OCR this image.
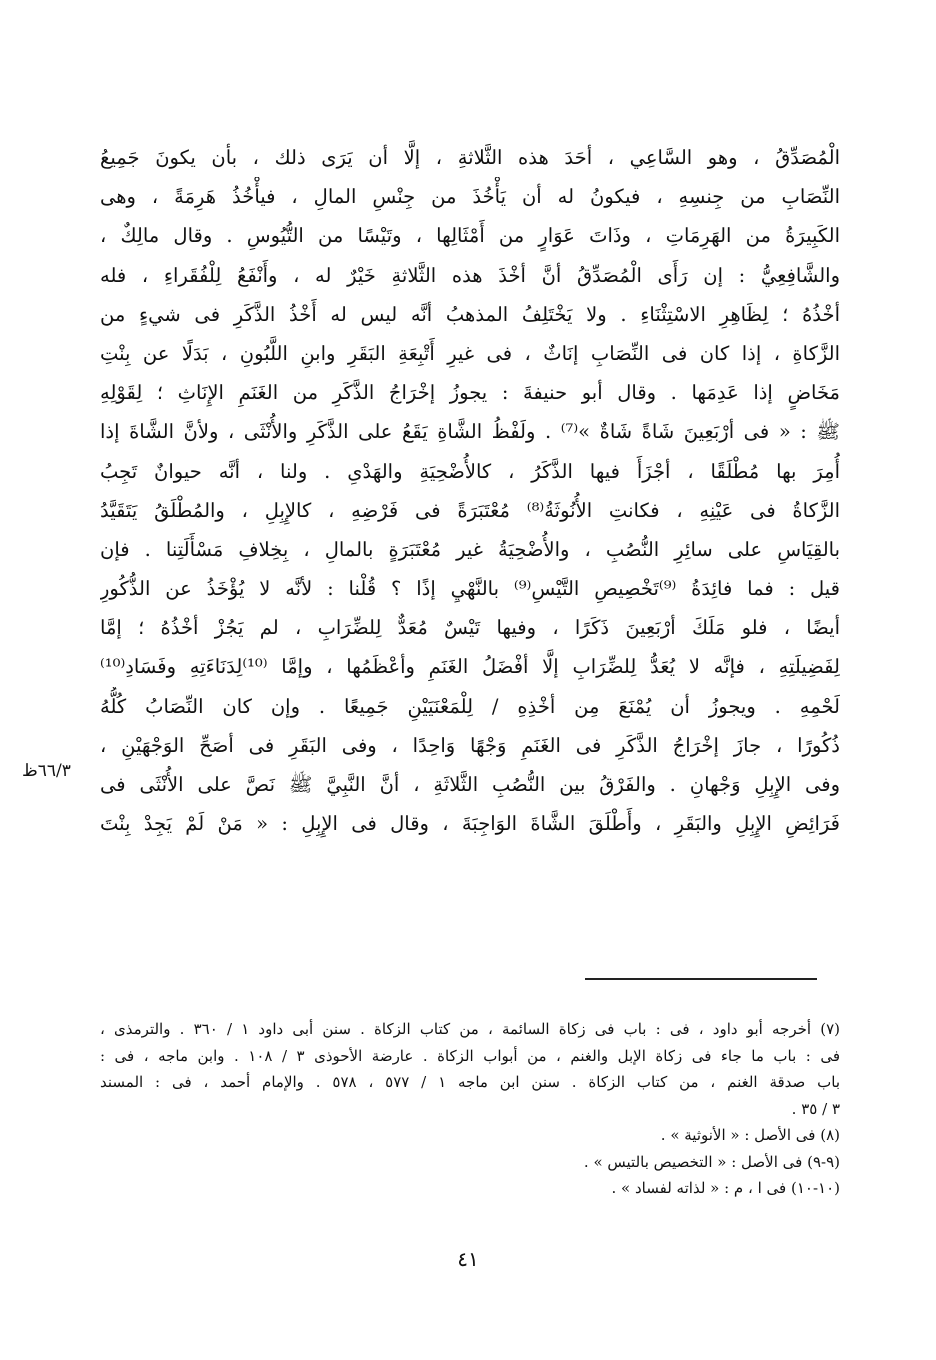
الْمُصَدِّقُ ، وهو السَّاعِي ، أحَدَ هذه الثَّلاثةِ ، إلَّا أن يَرَى ذلك ، بأن يكونَ جَمِيعُ
النِّصَابِ من جِنسِهِ ، فيكونُ له أن يَأْخُذَ من جِنْسِ المالِ ، فيأْخُذُ هَرِمَةً ، وهى
الكَبِيرَةُ من الهَرِمَاتِ ، وذَاتَ عَوَارٍ من أَمْثَالِها ، وتَيْسًا من التُّيُوسِ . وقال مالِكٌ ،
والشَّافِعِيُّ : إن رَأَى الْمُصَدِّقُ أنَّ أخْذَ هذه الثَّلاثةِ خَيْرٌ له ، وأَنْفَعُ لِلْفُقَراءِ ، فله
أخْذُهُ ؛ لِظَاهِرِ الاسْتِثْنَاءِ . ولا يَخْتَلِفُ المذهبُ أنَّه ليس له أَخْذُ الذَّكَرِ فى شيءٍ من
الزَّكاةِ ، إذا كان فى النِّصَابِ إنَاثٌ ، فى غيرِ أَتْبِعَةِ البَقَرِ وابنِ اللَّبُونِ ، بَدَلًا عن بِنْتِ
مَخَاضٍ إذا عَدِمَها . وقال أبو حنيفةَ : يجوزُ إخْرَاجُ الذَّكَرِ من الغَنَمِ الإِنَاثِ ؛ لِقَوْلِهِ
ﷺ : « فى أرْبَعِينَ شَاةً شَاةٌ »⁽⁷⁾ . ولَفْظُ الشَّاةِ يَقَعُ على الذَّكَرِ والأُنْثَى ، ولأنَّ الشَّاةَ إذا
أُمِرَ بها مُطْلَقًا ، أجْزَأَ فيها الذَّكَرُ ، كالأُضْحِيَةِ والهَدْىِ . ولنا ، أنَّه حيوانٌ تَجِبُ
الزَّكاةُ فى عَيْنِهِ ، فكانتِ الأُنُوثَةُ⁽⁸⁾ مُعْتَبَرَةً فى فَرْضِهِ ، كالإِبِلِ ، والمُطْلَقُ يَتَقَيَّدُ
بالقِيَاسِ على سائِرِ النُّصُبِ ، والأُضْحِيَةُ غير مُعْتَبَرَةٍ بالمالِ ، بِخِلافِ مَسْأَلَتِنا . فإن
قيل : فما فائِدَةُ ⁽⁹⁾تَخْصِيصِ التَّيْسِ⁽⁹⁾ بالنَّهْيِ إذًا ؟ قُلْنا : لأنَّه لا يُؤْخَذُ عن الذُّكُورِ
أيضًا ، فلو مَلَكَ أرْبَعِينَ ذَكَرًا ، وفيها تَيْسٌ مُعَدٌّ لِلضِّرَابِ ، لم يَجُزْ أخْذُهُ ؛ إمَّا
لِفَضِيلَتِهِ ، فإنَّه لا يُعَدُّ لِلضِّرَابِ إلَّا أفْضَلُ الغَنَمِ وأعْظَمُها ، وإمَّا ⁽¹⁰⁾لِدَنَاءَتِهِ وفَسَادِ⁽¹⁰⁾
لَحْمِهِ . ويجوزُ أن يُمْنَعَ مِن أخْذِهِ / لِلْمَعْنَيَيْنِ جَمِيعًا . وإن كان النِّصَابُ كُلُّهُ
ذُكُورًا ، جازَ إخْرَاجُ الذَّكَرِ فى الغَنَمِ وَجْهًا وَاحِدًا ، وفى البَقَرِ فى أصَحِّ الوَجْهَيْنِ ،
وفى الإِبِلِ وَجْهانِ . والفَرْقُ بين النُّصُبِ الثَّلاثَةِ ، أنَّ النَّبِيَّ ﷺ نَصَّ على الأُنْثَى فى
فَرَائِضِ الإِبِلِ والبَقَرِ ، وأَطْلَقَ الشَّاةَ الوَاجِبَةَ ، وقال فى الإِبِلِ : « مَنْ لَمْ يَجِدْ بِنْتَ
٦٦/٣ظ
(٧) أخرجه أبو داود ، فى : باب فى زكاة السائمة ، من كتاب الزكاة . سنن أبى داود ١ / ٣٦٠ . والترمذى ،
فى : باب ما جاء فى زكاة الإبل والغنم ، من أبواب الزكاة . عارضة الأحوذى ٣ / ١٠٨ . وابن ماجه ، فى :
باب صدقة الغنم ، من كتاب الزكاة . سنن ابن ماجه ١ / ٥٧٧ ، ٥٧٨ . والإمام أحمد ، فى : المسند
٣ / ٣٥ .
(٨) فى الأصل : « الأنوثية » .
(٩-٩) فى الأصل : « التخصيص بالتيس » .
(١٠-١٠) فى ا ، م : « لذاته لفساد » .
٤١
